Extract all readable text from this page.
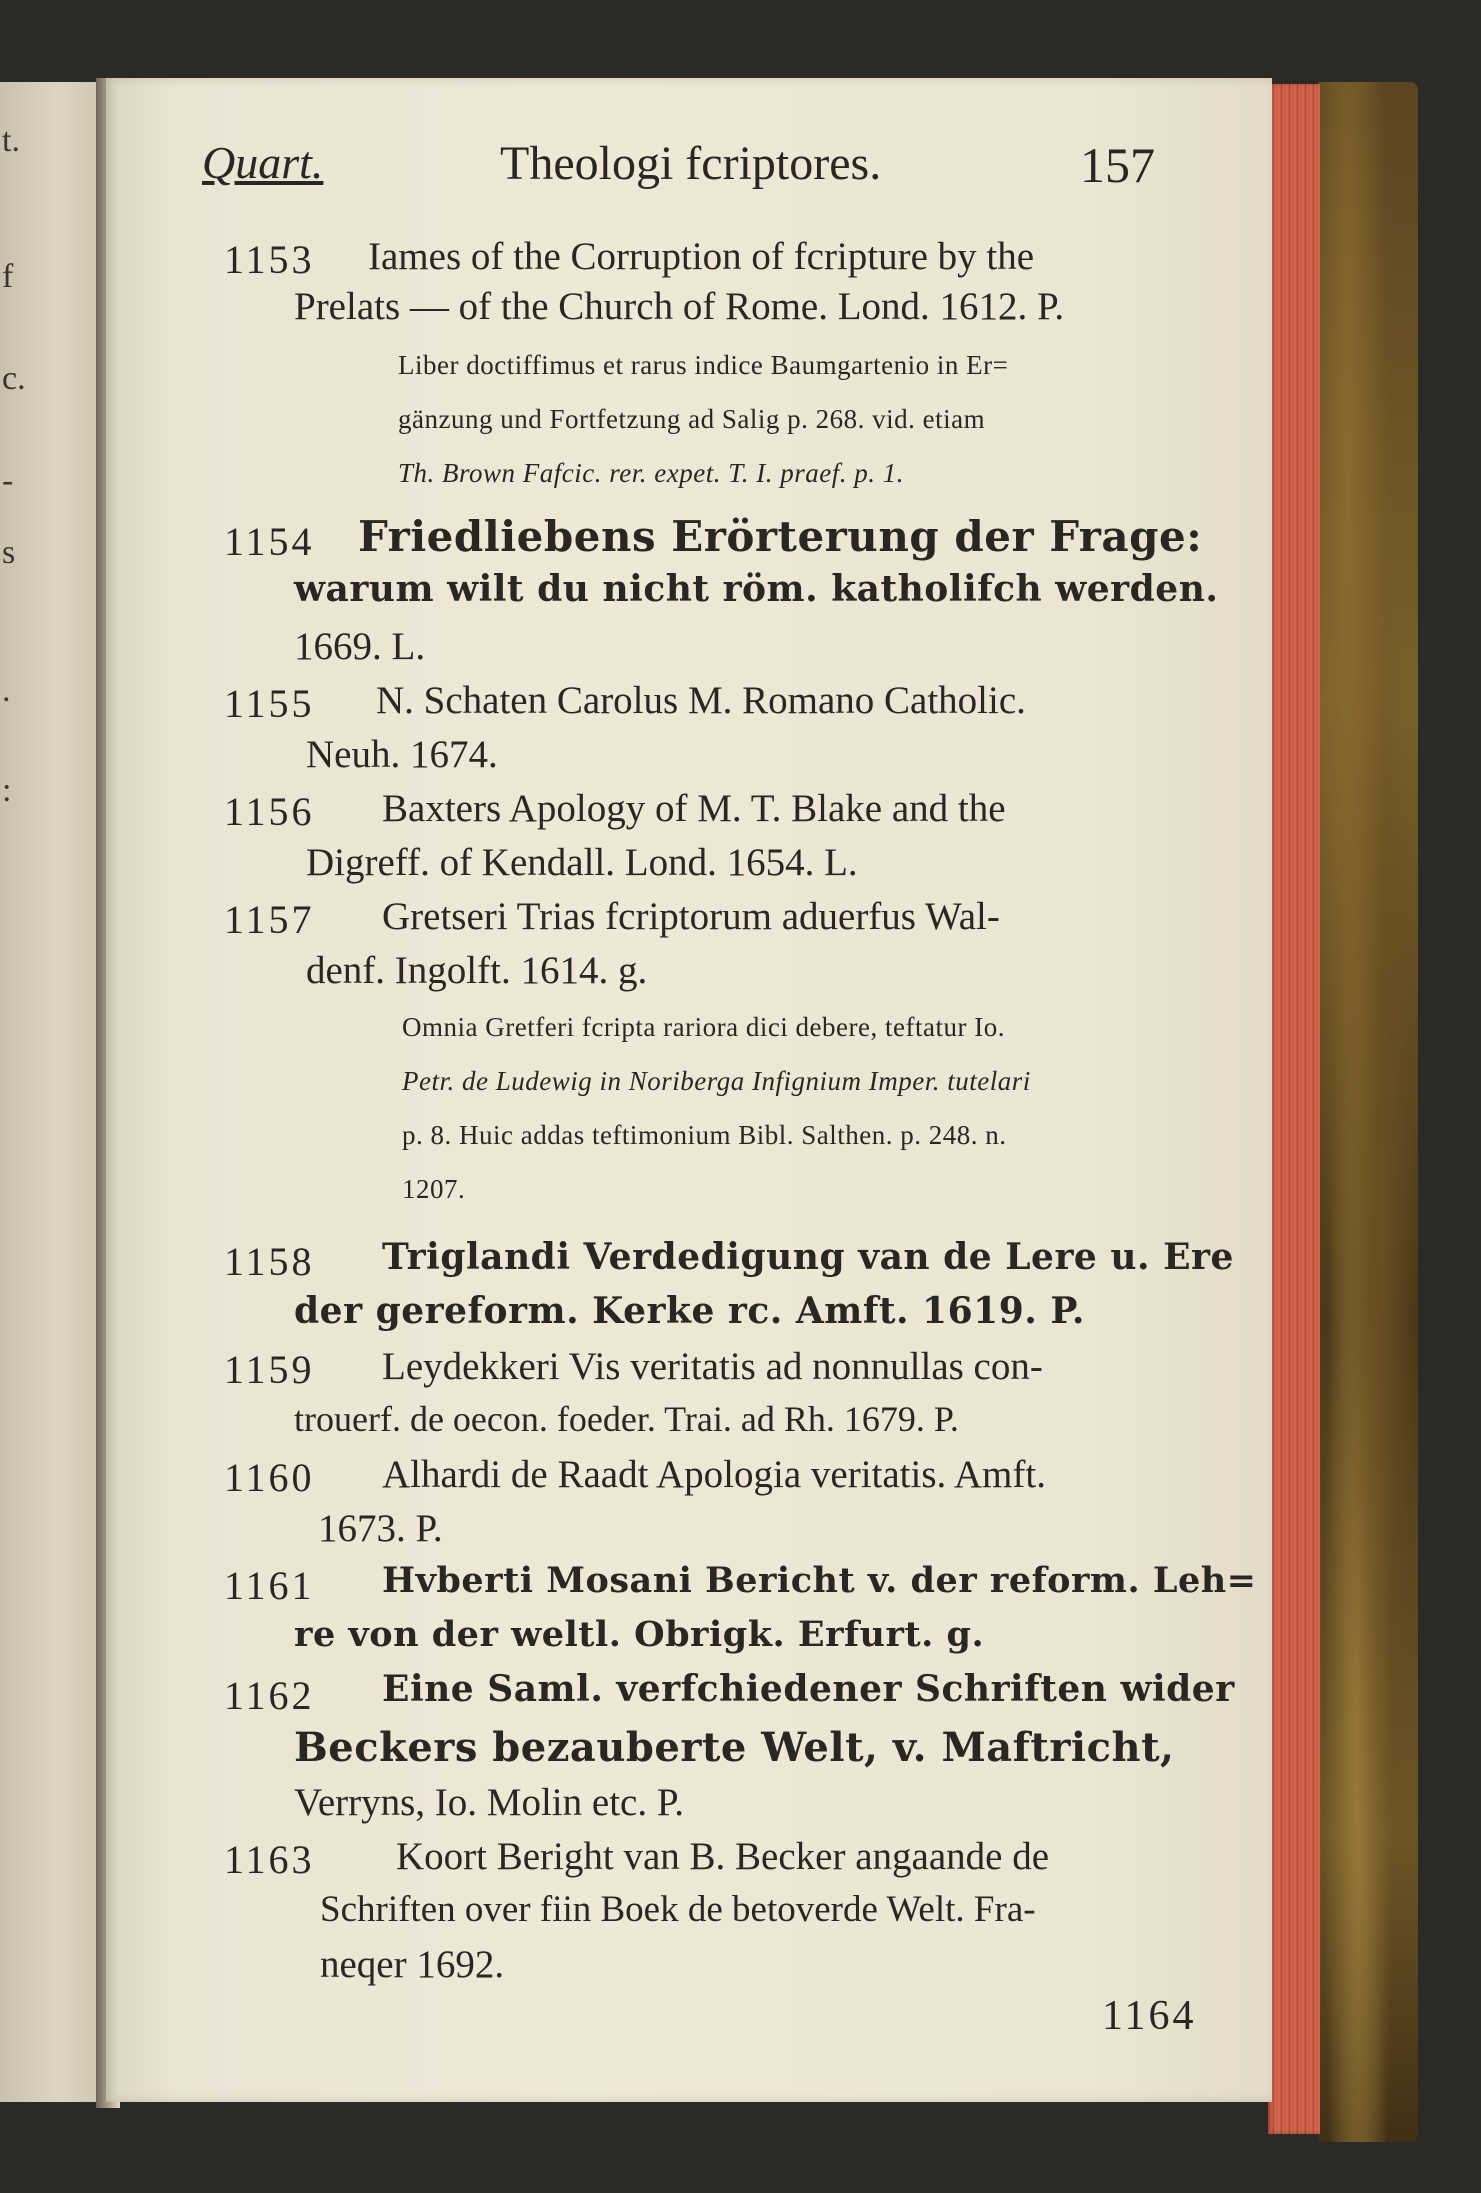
t.
f
c.
-
s
.
:
Quart.	Theologi fcriptores.	157
1153 Iames of the Corruption of fcripture by the
Prelats — of the Church of Rome. Lond. 1612. P.
Liber doctiffimus et rarus indice Baumgartenio in Er=
gänzung und Fortfetzung ad Salig p. 268. vid. etiam
Th. Brown Fafcic. rer. expet. T. I. praef. p. 1.
1154 Friedliebens Erörterung der Frage:
warum wilt du nicht röm. katholifch werden.
1669. L.
1155 N. Schaten Carolus M. Romano Catholic.
Neuh. 1674.
1156 Baxters Apology of M. T. Blake and the
Digreff. of Kendall. Lond. 1654. L.
1157 Gretseri Trias fcriptorum aduerfus Wal-
denf. Ingolft. 1614. g.
Omnia Gretferi fcripta rariora dici debere, teftatur Io.
Petr. de Ludewig in Noriberga Infignium Imper. tutelari
p. 8. Huic addas teftimonium Bibl. Salthen. p. 248. n.
1207.
1158 Triglandi Verdedigung van de Lere u. Ere
der gereform. Kerke rc. Amft. 1619. P.
1159 Leydekkeri Vis veritatis ad nonnullas con-
trouerf. de oecon. foeder. Trai. ad Rh. 1679. P.
1160 Alhardi de Raadt Apologia veritatis. Amft.
1673. P.
1161 Hvberti Mosani Bericht v. der reform. Leh=
re von der weltl. Obrigk. Erfurt. g.
1162 Eine Saml. verfchiedener Schriften wider
Beckers bezauberte Welt, v. Maftricht,
Verryns, Io. Molin etc. P.
1163 Koort Beright van B. Becker angaande de
Schriften over fiin Boek de betoverde Welt. Fra-
neqer 1692.
1164
